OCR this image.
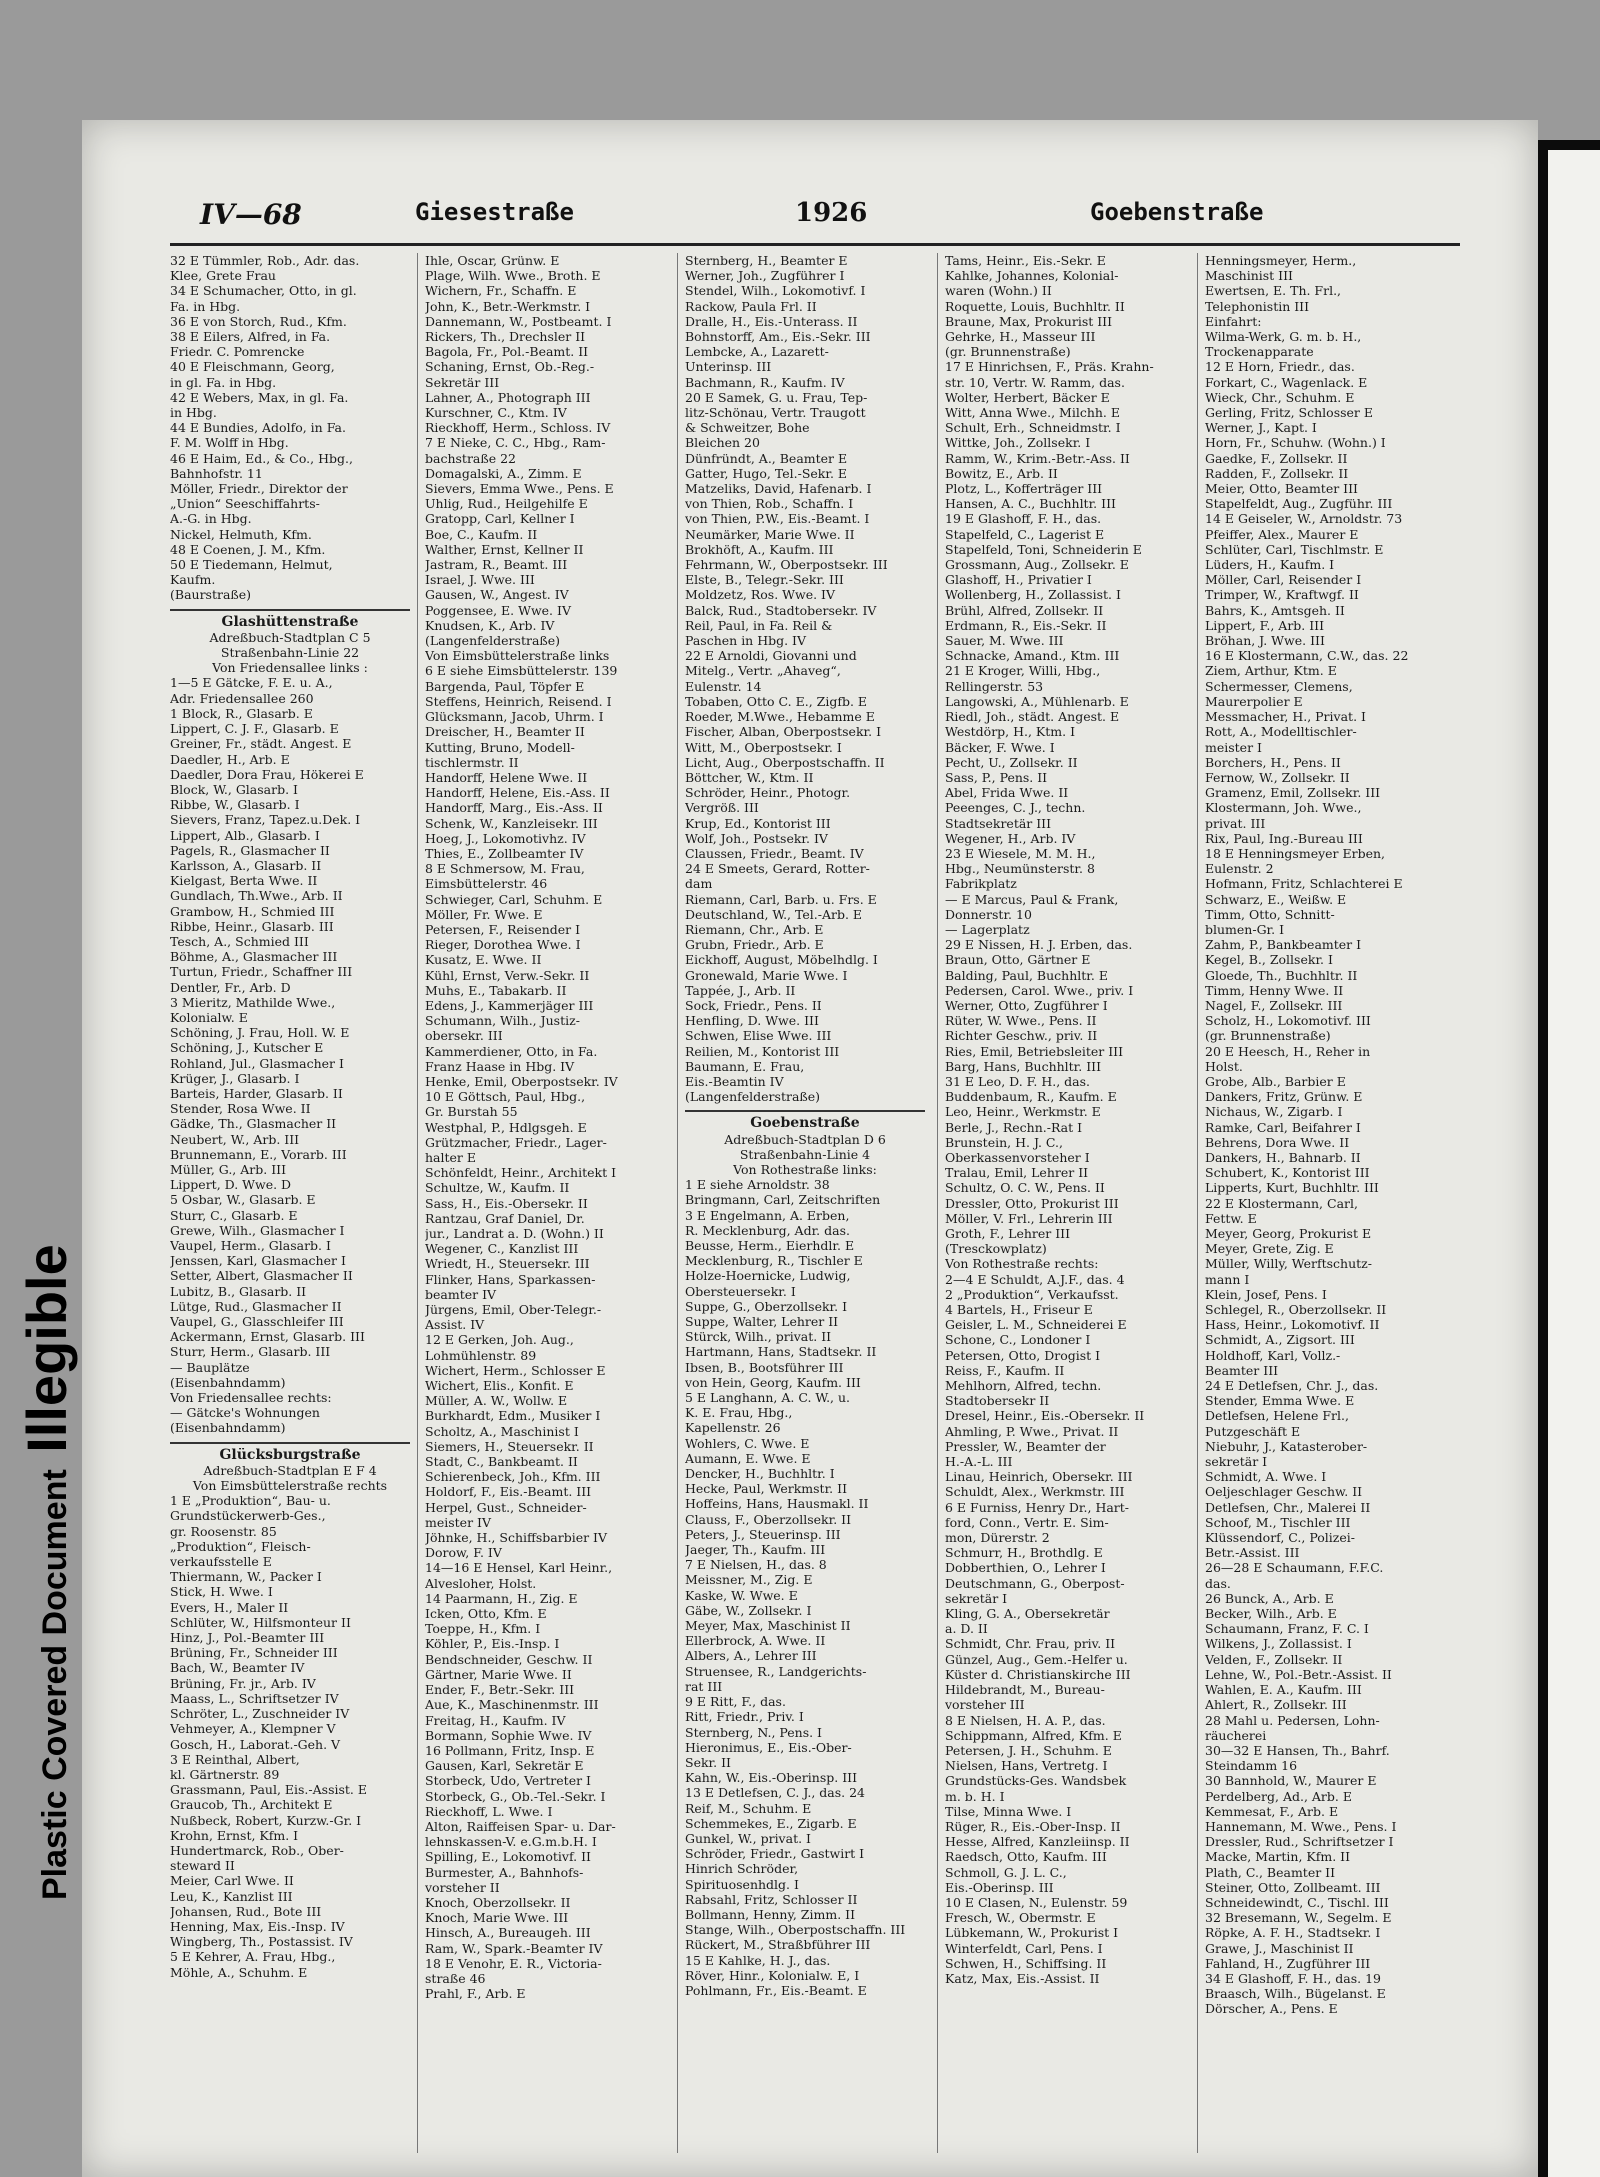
Plastic Covered Document Illegible
IV—68	Giesestraße	1926	Goebenstraße
32 E Tümmler, Rob., Adr. das.
Klee, Grete Frau
34 E Schumacher, Otto, in gl.
Fa. in Hbg.
36 E von Storch, Rud., Kfm.
38 E Eilers, Alfred, in Fa.
Friedr. C. Pomrencke
40 E Fleischmann, Georg,
in gl. Fa. in Hbg.
42 E Webers, Max, in gl. Fa.
in Hbg.
44 E Bundies, Adolfo, in Fa.
F. M. Wolff in Hbg.
46 E Haim, Ed., & Co., Hbg.,
Bahnhofstr. 11
Möller, Friedr., Direktor der
„Union“ Seeschiffahrts-
A.-G. in Hbg.
Nickel, Helmuth, Kfm.
48 E Coenen, J. M., Kfm.
50 E Tiedemann, Helmut,
Kaufm.
(Baurstraße)
Glashüttenstraße
Adreßbuch-Stadtplan C 5
Straßenbahn-Linie 22
Von Friedensallee links :
1—5 E Gätcke, F. E. u. A.,
Adr. Friedensallee 260
1 Block, R., Glasarb. E
Lippert, C. J. F., Glasarb. E
Greiner, Fr., städt. Angest. E
Daedler, H., Arb. E
Daedler, Dora Frau, Hökerei E
Block, W., Glasarb. I
Ribbe, W., Glasarb. I
Sievers, Franz, Tapez.u.Dek. I
Lippert, Alb., Glasarb. I
Pagels, R., Glasmacher II
Karlsson, A., Glasarb. II
Kielgast, Berta Wwe. II
Gundlach, Th.Wwe., Arb. II
Grambow, H., Schmied III
Ribbe, Heinr., Glasarb. III
Tesch, A., Schmied III
Böhme, A., Glasmacher III
Turtun, Friedr., Schaffner III
Dentler, Fr., Arb. D
3 Mieritz, Mathilde Wwe.,
Kolonialw. E
Schöning, J. Frau, Holl. W. E
Schöning, J., Kutscher E
Rohland, Jul., Glasmacher I
Krüger, J., Glasarb. I
Barteis, Harder, Glasarb. II
Stender, Rosa Wwe. II
Gädke, Th., Glasmacher II
Neubert, W., Arb. III
Brunnemann, E., Vorarb. III
Müller, G., Arb. III
Lippert, D. Wwe. D
5 Osbar, W., Glasarb. E
Sturr, C., Glasarb. E
Grewe, Wilh., Glasmacher I
Vaupel, Herm., Glasarb. I
Jenssen, Karl, Glasmacher I
Setter, Albert, Glasmacher II
Lubitz, B., Glasarb. II
Lütge, Rud., Glasmacher II
Vaupel, G., Glasschleifer III
Ackermann, Ernst, Glasarb. III
Sturr, Herm., Glasarb. III
— Bauplätze
(Eisenbahndamm)
Von Friedensallee rechts:
— Gätcke's Wohnungen
(Eisenbahndamm)
Glücksburgstraße
Adreßbuch-Stadtplan E F 4
Von Eimsbüttelerstraße rechts
1 E „Produktion“, Bau- u.
Grundstückerwerb-Ges.,
gr. Roosenstr. 85
„Produktion“, Fleisch-
verkaufsstelle E
Thiermann, W., Packer I
Stick, H. Wwe. I
Evers, H., Maler II
Schlüter, W., Hilfsmonteur II
Hinz, J., Pol.-Beamter III
Brüning, Fr., Schneider III
Bach, W., Beamter IV
Brüning, Fr. jr., Arb. IV
Maass, L., Schriftsetzer IV
Schröter, L., Zuschneider IV
Vehmeyer, A., Klempner V
Gosch, H., Laborat.-Geh. V
3 E Reinthal, Albert,
kl. Gärtnerstr. 89
Grassmann, Paul, Eis.-Assist. E
Graucob, Th., Architekt E
Nußbeck, Robert, Kurzw.-Gr. I
Krohn, Ernst, Kfm. I
Hundertmarck, Rob., Ober-
steward II
Meier, Carl Wwe. II
Leu, K., Kanzlist III
Johansen, Rud., Bote III
Henning, Max, Eis.-Insp. IV
Wingberg, Th., Postassist. IV
5 E Kehrer, A. Frau, Hbg.,
Möhle, A., Schuhm. E
Ihle, Oscar, Grünw. E
Plage, Wilh. Wwe., Broth. E
Wichern, Fr., Schaffn. E
John, K., Betr.-Werkmstr. I
Dannemann, W., Postbeamt. I
Rickers, Th., Drechsler II
Bagola, Fr., Pol.-Beamt. II
Schaning, Ernst, Ob.-Reg.-
Sekretär III
Lahner, A., Photograph III
Kurschner, C., Ktm. IV
Rieckhoff, Herm., Schloss. IV
7 E Nieke, C. C., Hbg., Ram-
bachstraße 22
Domagalski, A., Zimm. E
Sievers, Emma Wwe., Pens. E
Uhlig, Rud., Heilgehilfe E
Gratopp, Carl, Kellner I
Boe, C., Kaufm. II
Walther, Ernst, Kellner II
Jastram, R., Beamt. III
Israel, J. Wwe. III
Gausen, W., Angest. IV
Poggensee, E. Wwe. IV
Knudsen, K., Arb. IV
(Langenfelderstraße)
Von Eimsbüttelerstraße links
6 E siehe Eimsbüttelerstr. 139
Bargenda, Paul, Töpfer E
Steffens, Heinrich, Reisend. I
Glücksmann, Jacob, Uhrm. I
Dreischer, H., Beamter II
Kutting, Bruno, Modell-
tischlermstr. II
Handorff, Helene Wwe. II
Handorff, Helene, Eis.-Ass. II
Handorff, Marg., Eis.-Ass. II
Schenk, W., Kanzleisekr. III
Hoeg, J., Lokomotivhz. IV
Thies, E., Zollbeamter IV
8 E Schmersow, M. Frau,
Eimsbüttelerstr. 46
Schwieger, Carl, Schuhm. E
Möller, Fr. Wwe. E
Petersen, F., Reisender I
Rieger, Dorothea Wwe. I
Kusatz, E. Wwe. II
Kühl, Ernst, Verw.-Sekr. II
Muhs, E., Tabakarb. II
Edens, J., Kammerjäger III
Schumann, Wilh., Justiz-
obersekr. III
Kammerdiener, Otto, in Fa.
Franz Haase in Hbg. IV
Henke, Emil, Oberpostsekr. IV
10 E Göttsch, Paul, Hbg.,
Gr. Burstah 55
Westphal, P., Hdlgsgeh. E
Grützmacher, Friedr., Lager-
halter E
Schönfeldt, Heinr., Architekt I
Schultze, W., Kaufm. II
Sass, H., Eis.-Obersekr. II
Rantzau, Graf Daniel, Dr.
jur., Landrat a. D. (Wohn.) II
Wegener, C., Kanzlist III
Wriedt, H., Steuersekr. III
Flinker, Hans, Sparkassen-
beamter IV
Jürgens, Emil, Ober-Telegr.-
Assist. IV
12 E Gerken, Joh. Aug.,
Lohmühlenstr. 89
Wichert, Herm., Schlosser E
Wichert, Elis., Konfit. E
Müller, A. W., Wollw. E
Burkhardt, Edm., Musiker I
Scholtz, A., Maschinist I
Siemers, H., Steuersekr. II
Stadt, C., Bankbeamt. II
Schierenbeck, Joh., Kfm. III
Holdorf, F., Eis.-Beamt. III
Herpel, Gust., Schneider-
meister IV
Jöhnke, H., Schiffsbarbier IV
Dorow, F. IV
14—16 E Hensel, Karl Heinr.,
Alvesloher, Holst.
14 Paarmann, H., Zig. E
Icken, Otto, Kfm. E
Toeppe, H., Kfm. I
Köhler, P., Eis.-Insp. I
Bendschneider, Geschw. II
Gärtner, Marie Wwe. II
Ender, F., Betr.-Sekr. III
Aue, K., Maschinenmstr. III
Freitag, H., Kaufm. IV
Bormann, Sophie Wwe. IV
16 Pollmann, Fritz, Insp. E
Gausen, Karl, Sekretär E
Storbeck, Udo, Vertreter I
Storbeck, G., Ob.-Tel.-Sekr. I
Rieckhoff, L. Wwe. I
Alton, Raiffeisen Spar- u. Dar-
lehnskassen-V. e.G.m.b.H. I
Spilling, E., Lokomotivf. II
Burmester, A., Bahnhofs-
vorsteher II
Knoch, Oberzollsekr. II
Knoch, Marie Wwe. III
Hinsch, A., Bureaugeh. III
Ram, W., Spark.-Beamter IV
18 E Venohr, E. R., Victoria-
straße 46
Prahl, F., Arb. E
Sternberg, H., Beamter E
Werner, Joh., Zugführer I
Stendel, Wilh., Lokomotivf. I
Rackow, Paula Frl. II
Dralle, H., Eis.-Unterass. II
Bohnstorff, Am., Eis.-Sekr. III
Lembcke, A., Lazarett-
Unterinsp. III
Bachmann, R., Kaufm. IV
20 E Samek, G. u. Frau, Tep-
litz-Schönau, Vertr. Traugott
& Schweitzer, Bohe
Bleichen 20
Dünfründt, A., Beamter E
Gatter, Hugo, Tel.-Sekr. E
Matzeliks, David, Hafenarb. I
von Thien, Rob., Schaffn. I
von Thien, P.W., Eis.-Beamt. I
Neumärker, Marie Wwe. II
Brokhöft, A., Kaufm. III
Fehrmann, W., Oberpostsekr. III
Elste, B., Telegr.-Sekr. III
Moldzetz, Ros. Wwe. IV
Balck, Rud., Stadtobersekr. IV
Reil, Paul, in Fa. Reil &
Paschen in Hbg. IV
22 E Arnoldi, Giovanni und
Mitelg., Vertr. „Ahaveg“,
Eulenstr. 14
Tobaben, Otto C. E., Zigfb. E
Roeder, M.Wwe., Hebamme E
Fischer, Alban, Oberpostsekr. I
Witt, M., Oberpostsekr. I
Licht, Aug., Oberpostschaffn. II
Böttcher, W., Ktm. II
Schröder, Heinr., Photogr.
Vergröß. III
Krup, Ed., Kontorist III
Wolf, Joh., Postsekr. IV
Claussen, Friedr., Beamt. IV
24 E Smeets, Gerard, Rotter-
dam
Riemann, Carl, Barb. u. Frs. E
Deutschland, W., Tel.-Arb. E
Riemann, Chr., Arb. E
Grubn, Friedr., Arb. E
Eickhoff, August, Möbelhdlg. I
Gronewald, Marie Wwe. I
Tappée, J., Arb. II
Sock, Friedr., Pens. II
Henfling, D. Wwe. III
Schwen, Elise Wwe. III
Reilien, M., Kontorist III
Baumann, E. Frau,
Eis.-Beamtin IV
(Langenfelderstraße)
Goebenstraße
Adreßbuch-Stadtplan D 6
Straßenbahn-Linie 4
Von Rothestraße links:
1 E siehe Arnoldstr. 38
Bringmann, Carl, Zeitschriften
3 E Engelmann, A. Erben,
R. Mecklenburg, Adr. das.
Beusse, Herm., Eierhdlr. E
Mecklenburg, R., Tischler E
Holze-Hoernicke, Ludwig,
Obersteuersekr. I
Suppe, G., Oberzollsekr. I
Suppe, Walter, Lehrer II
Stürck, Wilh., privat. II
Hartmann, Hans, Stadtsekr. II
Ibsen, B., Bootsführer III
von Hein, Georg, Kaufm. III
5 E Langhann, A. C. W., u.
K. E. Frau, Hbg.,
Kapellenstr. 26
Wohlers, C. Wwe. E
Aumann, E. Wwe. E
Dencker, H., Buchhltr. I
Hecke, Paul, Werkmstr. II
Hoffeins, Hans, Hausmakl. II
Clauss, F., Oberzollsekr. II
Peters, J., Steuerinsp. III
Jaeger, Th., Kaufm. III
7 E Nielsen, H., das. 8
Meissner, M., Zig. E
Kaske, W. Wwe. E
Gäbe, W., Zollsekr. I
Meyer, Max, Maschinist II
Ellerbrock, A. Wwe. II
Albers, A., Lehrer III
Struensee, R., Landgerichts-
rat III
9 E Ritt, F., das.
Ritt, Friedr., Priv. I
Sternberg, N., Pens. I
Hieronimus, E., Eis.-Ober-
Sekr. II
Kahn, W., Eis.-Oberinsp. III
13 E Detlefsen, C. J., das. 24
Reif, M., Schuhm. E
Schemmekes, E., Zigarb. E
Gunkel, W., privat. I
Schröder, Friedr., Gastwirt I
Hinrich Schröder,
Spirituosenhdlg. I
Rabsahl, Fritz, Schlosser II
Bollmann, Henny, Zimm. II
Stange, Wilh., Oberpostschaffn. III
Rückert, M., Straßbführer III
15 E Kahlke, H. J., das.
Röver, Hinr., Kolonialw. E, I
Pohlmann, Fr., Eis.-Beamt. E
Tams, Heinr., Eis.-Sekr. E
Kahlke, Johannes, Kolonial-
waren (Wohn.) II
Roquette, Louis, Buchhltr. II
Braune, Max, Prokurist III
Gehrke, H., Masseur III
(gr. Brunnenstraße)
17 E Hinrichsen, F., Präs. Krahn-
str. 10, Vertr. W. Ramm, das.
Wolter, Herbert, Bäcker E
Witt, Anna Wwe., Milchh. E
Schult, Erh., Schneidmstr. I
Wittke, Joh., Zollsekr. I
Ramm, W., Krim.-Betr.-Ass. II
Bowitz, E., Arb. II
Plotz, L., Kofferträger III
Hansen, A. C., Buchhltr. III
19 E Glashoff, F. H., das.
Stapelfeld, C., Lagerist E
Stapelfeld, Toni, Schneiderin E
Grossmann, Aug., Zollsekr. E
Glashoff, H., Privatier I
Wollenberg, H., Zollassist. I
Brühl, Alfred, Zollsekr. II
Erdmann, R., Eis.-Sekr. II
Sauer, M. Wwe. III
Schnacke, Amand., Ktm. III
21 E Kroger, Willi, Hbg.,
Rellingerstr. 53
Langowski, A., Mühlenarb. E
Riedl, Joh., städt. Angest. E
Westdörp, H., Ktm. I
Bäcker, F. Wwe. I
Pecht, U., Zollsekr. II
Sass, P., Pens. II
Abel, Frida Wwe. II
Peeenges, C. J., techn.
Stadtsekretär III
Wegener, H., Arb. IV
23 E Wiesele, M. M. H.,
Hbg., Neumünsterstr. 8
Fabrikplatz
— E Marcus, Paul & Frank,
Donnerstr. 10
— Lagerplatz
29 E Nissen, H. J. Erben, das.
Braun, Otto, Gärtner E
Balding, Paul, Buchhltr. E
Pedersen, Carol. Wwe., priv. I
Werner, Otto, Zugführer I
Rüter, W. Wwe., Pens. II
Richter Geschw., priv. II
Ries, Emil, Betriebsleiter III
Barg, Hans, Buchhltr. III
31 E Leo, D. F. H., das.
Buddenbaum, R., Kaufm. E
Leo, Heinr., Werkmstr. E
Berle, J., Rechn.-Rat I
Brunstein, H. J. C.,
Oberkassenvorsteher I
Tralau, Emil, Lehrer II
Schultz, O. C. W., Pens. II
Dressler, Otto, Prokurist III
Möller, V. Frl., Lehrerin III
Groth, F., Lehrer III
(Tresckowplatz)
Von Rothestraße rechts:
2—4 E Schuldt, A.J.F., das. 4
2 „Produktion“, Verkaufsst.
4 Bartels, H., Friseur E
Geisler, L. M., Schneiderei E
Schone, C., Londoner I
Petersen, Otto, Drogist I
Reiss, F., Kaufm. II
Mehlhorn, Alfred, techn.
Stadtobersekr II
Dresel, Heinr., Eis.-Obersekr. II
Ahmling, P. Wwe., Privat. II
Pressler, W., Beamter der
H.-A.-L. III
Linau, Heinrich, Obersekr. III
Schuldt, Alex., Werkmstr. III
6 E Furniss, Henry Dr., Hart-
ford, Conn., Vertr. E. Sim-
mon, Dürerstr. 2
Schmurr, H., Brothdlg. E
Dobberthien, O., Lehrer I
Deutschmann, G., Oberpost-
sekretär I
Kling, G. A., Obersekretär
a. D. II
Schmidt, Chr. Frau, priv. II
Günzel, Aug., Gem.-Helfer u.
Küster d. Christianskirche III
Hildebrandt, M., Bureau-
vorsteher III
8 E Nielsen, H. A. P., das.
Schippmann, Alfred, Kfm. E
Petersen, J. H., Schuhm. E
Nielsen, Hans, Vertretg. I
Grundstücks-Ges. Wandsbek
m. b. H. I
Tilse, Minna Wwe. I
Rüger, R., Eis.-Ober-Insp. II
Hesse, Alfred, Kanzleiinsp. II
Raedsch, Otto, Kaufm. III
Schmoll, G. J. L. C.,
Eis.-Oberinsp. III
10 E Clasen, N., Eulenstr. 59
Fresch, W., Obermstr. E
Lübkemann, W., Prokurist I
Winterfeldt, Carl, Pens. I
Schwen, H., Schiffsing. II
Katz, Max, Eis.-Assist. II
Henningsmeyer, Herm.,
Maschinist III
Ewertsen, E. Th. Frl.,
Telephonistin III
Einfahrt:
Wilma-Werk, G. m. b. H.,
Trockenapparate
12 E Horn, Friedr., das.
Forkart, C., Wagenlack. E
Wieck, Chr., Schuhm. E
Gerling, Fritz, Schlosser E
Werner, J., Kapt. I
Horn, Fr., Schuhw. (Wohn.) I
Gaedke, F., Zollsekr. II
Radden, F., Zollsekr. II
Meier, Otto, Beamter III
Stapelfeldt, Aug., Zugführ. III
14 E Geiseler, W., Arnoldstr. 73
Pfeiffer, Alex., Maurer E
Schlüter, Carl, Tischlmstr. E
Lüders, H., Kaufm. I
Möller, Carl, Reisender I
Trimper, W., Kraftwgf. II
Bahrs, K., Amtsgeh. II
Lippert, F., Arb. III
Bröhan, J. Wwe. III
16 E Klostermann, C.W., das. 22
Ziem, Arthur, Ktm. E
Schermesser, Clemens,
Maurerpolier E
Messmacher, H., Privat. I
Rott, A., Modelltischler-
meister I
Borchers, H., Pens. II
Fernow, W., Zollsekr. II
Gramenz, Emil, Zollsekr. III
Klostermann, Joh. Wwe.,
privat. III
Rix, Paul, Ing.-Bureau III
18 E Henningsmeyer Erben,
Eulenstr. 2
Hofmann, Fritz, Schlachterei E
Schwarz, E., Weißw. E
Timm, Otto, Schnitt-
blumen-Gr. I
Zahm, P., Bankbeamter I
Kegel, B., Zollsekr. I
Gloede, Th., Buchhltr. II
Timm, Henny Wwe. II
Nagel, F., Zollsekr. III
Scholz, H., Lokomotivf. III
(gr. Brunnenstraße)
20 E Heesch, H., Reher in
Holst.
Grobe, Alb., Barbier E
Dankers, Fritz, Grünw. E
Nichaus, W., Zigarb. I
Ramke, Carl, Beifahrer I
Behrens, Dora Wwe. II
Dankers, H., Bahnarb. II
Schubert, K., Kontorist III
Lipperts, Kurt, Buchhltr. III
22 E Klostermann, Carl,
Fettw. E
Meyer, Georg, Prokurist E
Meyer, Grete, Zig. E
Müller, Willy, Werftschutz-
mann I
Klein, Josef, Pens. I
Schlegel, R., Oberzollsekr. II
Hass, Heinr., Lokomotivf. II
Schmidt, A., Zigsort. III
Holdhoff, Karl, Vollz.-
Beamter III
24 E Detlefsen, Chr. J., das.
Stender, Emma Wwe. E
Detlefsen, Helene Frl.,
Putzgeschäft E
Niebuhr, J., Katasterober-
sekretär I
Schmidt, A. Wwe. I
Oeljeschlager Geschw. II
Detlefsen, Chr., Malerei II
Schoof, M., Tischler III
Klüssendorf, C., Polizei-
Betr.-Assist. III
26—28 E Schaumann, F.F.C.
das.
26 Bunck, A., Arb. E
Becker, Wilh., Arb. E
Schaumann, Franz, F. C. I
Wilkens, J., Zollassist. I
Velden, F., Zollsekr. II
Lehne, W., Pol.-Betr.-Assist. II
Wahlen, E. A., Kaufm. III
Ahlert, R., Zollsekr. III
28 Mahl u. Pedersen, Lohn-
räucherei
30—32 E Hansen, Th., Bahrf.
Steindamm 16
30 Bannhold, W., Maurer E
Perdelberg, Ad., Arb. E
Kemmesat, F., Arb. E
Hannemann, M. Wwe., Pens. I
Dressler, Rud., Schriftsetzer I
Macke, Martin, Kfm. II
Plath, C., Beamter II
Steiner, Otto, Zollbeamt. III
Schneidewindt, C., Tischl. III
32 Bresemann, W., Segelm. E
Röpke, A. F. H., Stadtsekr. I
Grawe, J., Maschinist II
Fahland, H., Zugführer III
34 E Glashoff, F. H., das. 19
Braasch, Wilh., Bügelanst. E
Dörscher, A., Pens. E
